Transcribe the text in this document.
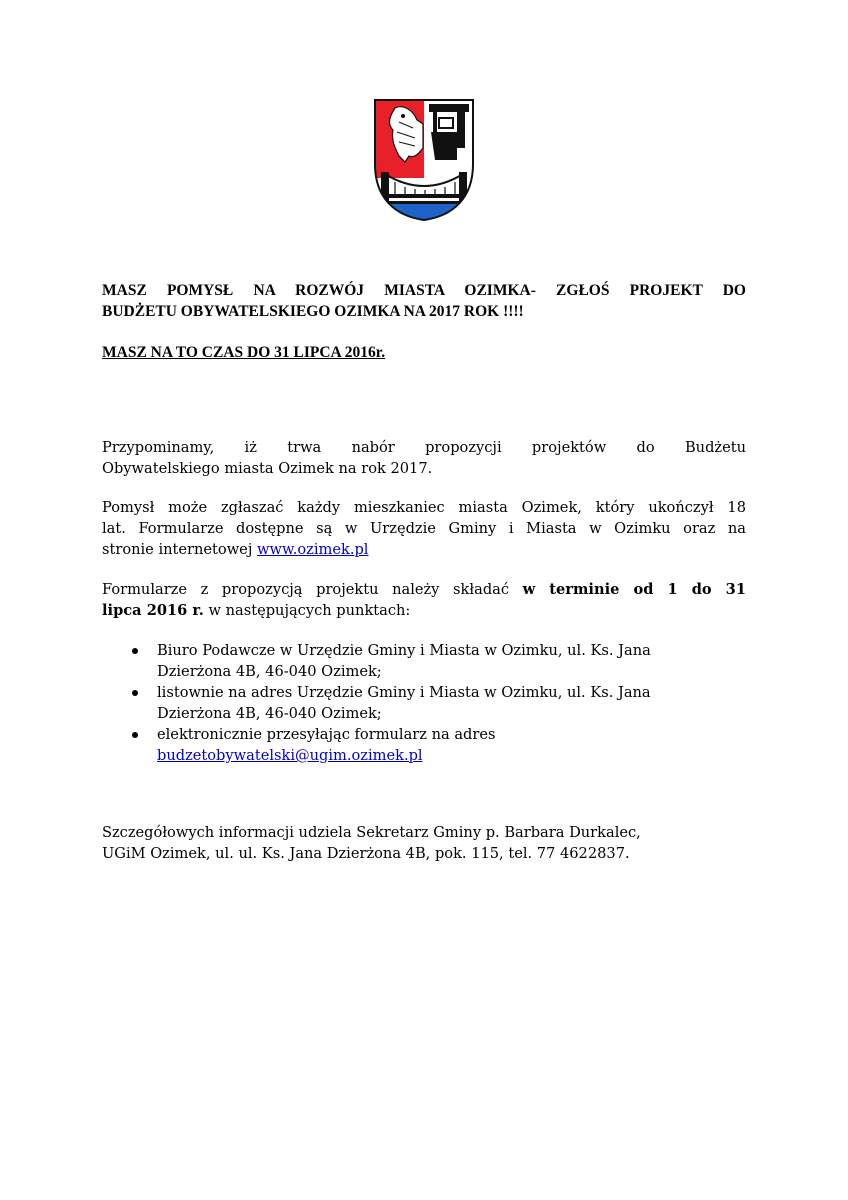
MASZ POMYSŁ NA ROZWÓJ MIASTA OZIMKA- ZGŁOŚ PROJEKT DO

BUDŻETU OBYWATELSKIEGO OZIMKA NA 2017 ROK !!!!

MASZ NA TO CZAS DO 31 LIPCA 2016r.

Przypominamy, iż trwa nabór propozycji projektów do Budżetu
Obywatelskiego miasta Ozimek na rok 2017.

Pomysł może zgłaszać każdy mieszkaniec miasta Ozimek, który ukończył 18
lat. Formularze dostępne są w Urzędzie Gminy i Miasta w Ozimku oraz na
stronie internetowej www.ozimek.pl

Formularze z propozycją projektu należy składać w terminie od 1 do 31
lipca 2016 r. w następujących punktach:

Biuro Podawcze w Urzędzie Gminy i Miasta w Ozimku, ul. Ks. Jana
Dzierżona 4B, 46-040 Ozimek;
listownie na adres Urzędzie Gminy i Miasta w Ozimku, ul. Ks. Jana
Dzierżona 4B, 46-040 Ozimek;
elektronicznie przesyłając formularz na adres
budzetobywatelski@ugim.ozimek.pl

Szczegółowych informacji udziela Sekretarz Gminy p. Barbara Durkalec,
UGiM Ozimek, ul. ul. Ks. Jana Dzierżona 4B, pok. 115, tel. 77 4622837.
